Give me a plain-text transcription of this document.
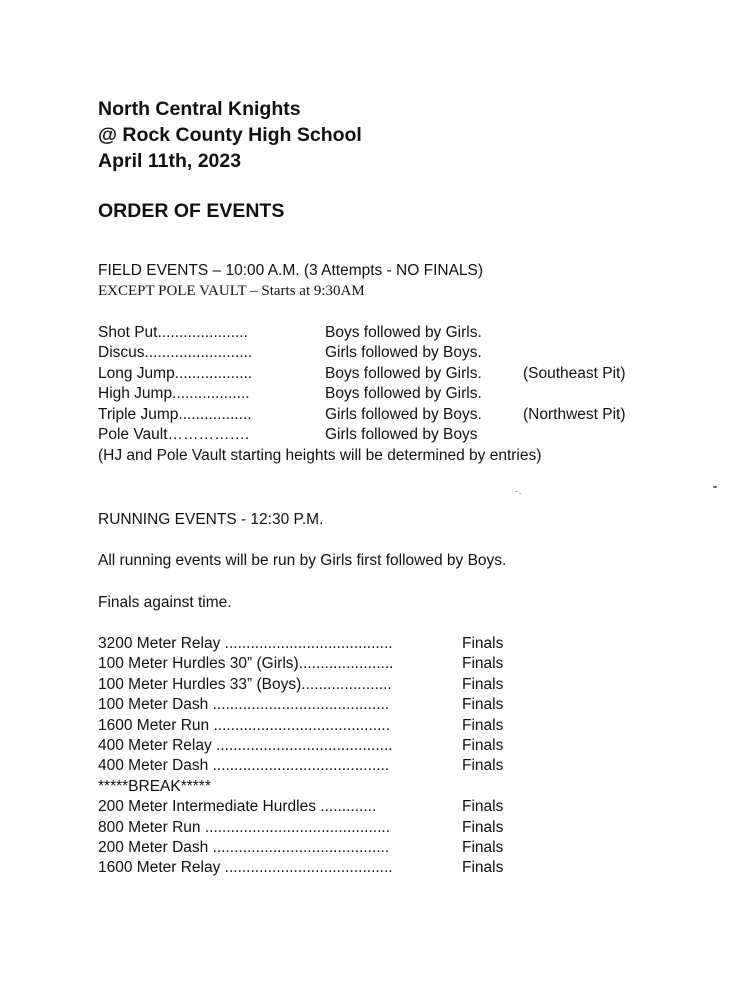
North Central Knights
@ Rock County High School
April 11th, 2023
ORDER OF EVENTS
FIELD EVENTS – 10:00 A.M. (3 Attempts - NO FINALS)
EXCEPT POLE VAULT – Starts at 9:30AM
Shot Put.....................	Boys followed by Girls.
Discus.........................	Girls followed by Boys.
Long Jump..................	Boys followed by Girls.	(Southeast Pit)
High Jump..................	Boys followed by Girls.
Triple Jump.................	Girls followed by Boys.	(Northwest Pit)
Pole Vault…………….	Girls followed by Boys
(HJ and Pole Vault starting heights will be determined by entries)
RUNNING EVENTS - 12:30 P.M.
All running events will be run by Girls first followed by Boys.
Finals against time.
3200 Meter Relay .......................................	Finals
100 Meter Hurdles 30” (Girls)......................	Finals
100 Meter Hurdles 33” (Boys).....................	Finals
100 Meter Dash .........................................	Finals
1600 Meter Run .........................................	Finals
400 Meter Relay .........................................	Finals
400 Meter Dash .........................................	Finals
*****BREAK*****
200 Meter Intermediate Hurdles .............	Finals
800 Meter Run ...........................................	Finals
200 Meter Dash .........................................	Finals
1600 Meter Relay .......................................	Finals
